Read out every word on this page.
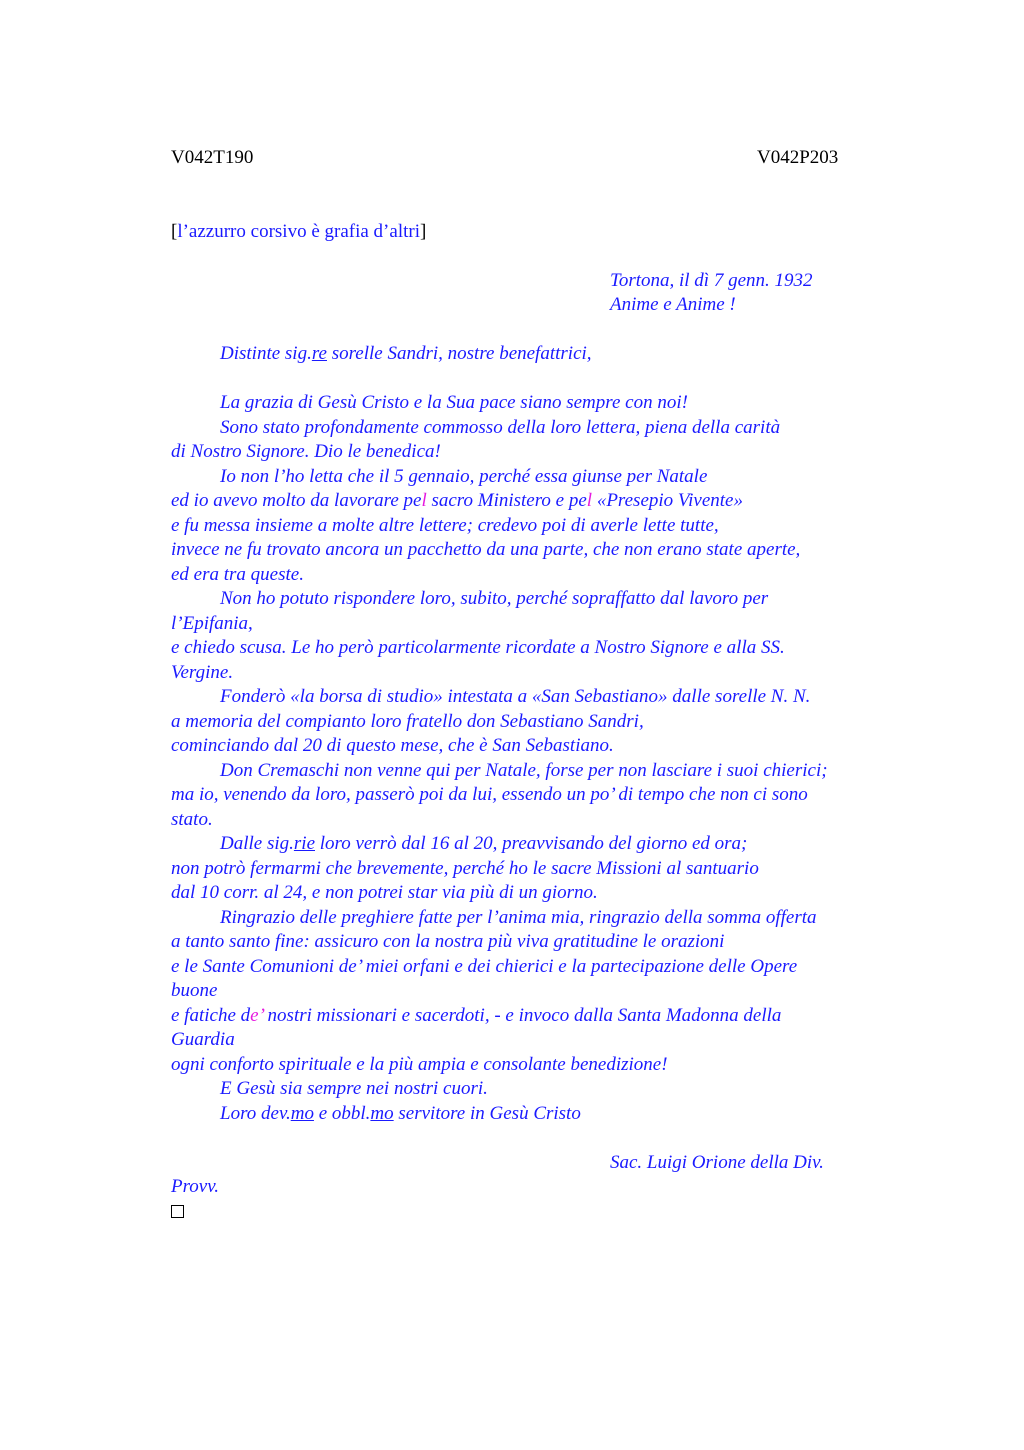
V042T190	V042P203
[l’azzurro corsivo è grafia d’altri]
Tortona, il dì 7 genn. 1932
Anime e Anime !
Distinte sig.re sorelle Sandri, nostre benefattrici,
La grazia di Gesù Cristo e la Sua pace siano sempre con noi!
Sono stato profondamente commosso della loro lettera, piena della carità
di Nostro Signore. Dio le benedica!
Io non l’ho letta che il 5 gennaio, perché essa giunse per Natale
ed io avevo molto da lavorare pel sacro Ministero e pel «Presepio Vivente»
e fu messa insieme a molte altre lettere; credevo poi di averle lette tutte,
invece ne fu trovato ancora un pacchetto da una parte, che non erano state aperte,
ed era tra queste.
Non ho potuto rispondere loro, subito, perché sopraffatto dal lavoro per
l’Epifania,
e chiedo scusa. Le ho però particolarmente ricordate a Nostro Signore e alla SS.
Vergine.
Fonderò «la borsa di studio» intestata a «San Sebastiano» dalle sorelle N. N.
a memoria del compianto loro fratello don Sebastiano Sandri,
cominciando dal 20 di questo mese, che è San Sebastiano.
Don Cremaschi non venne qui per Natale, forse per non lasciare i suoi chierici;
ma io, venendo da loro, passerò poi da lui, essendo un po’ di tempo che non ci sono
stato.
Dalle sig.rie loro verrò dal 16 al 20, preavvisando del giorno ed ora;
non potrò fermarmi che brevemente, perché ho le sacre Missioni al santuario
dal 10 corr. al 24, e non potrei star via più di un giorno.
Ringrazio delle preghiere fatte per l’anima mia, ringrazio della somma offerta
a tanto santo fine: assicuro con la nostra più viva gratitudine le orazioni
e le Sante Comunioni de’ miei orfani e dei chierici e la partecipazione delle Opere
buone
e fatiche de’ nostri missionari e sacerdoti, - e invoco dalla Santa Madonna della
Guardia
ogni conforto spirituale e la più ampia e consolante benedizione!
E Gesù sia sempre nei nostri cuori.
Loro dev.mo e obbl.mo servitore in Gesù Cristo
Sac. Luigi Orione della Div.
Provv.
